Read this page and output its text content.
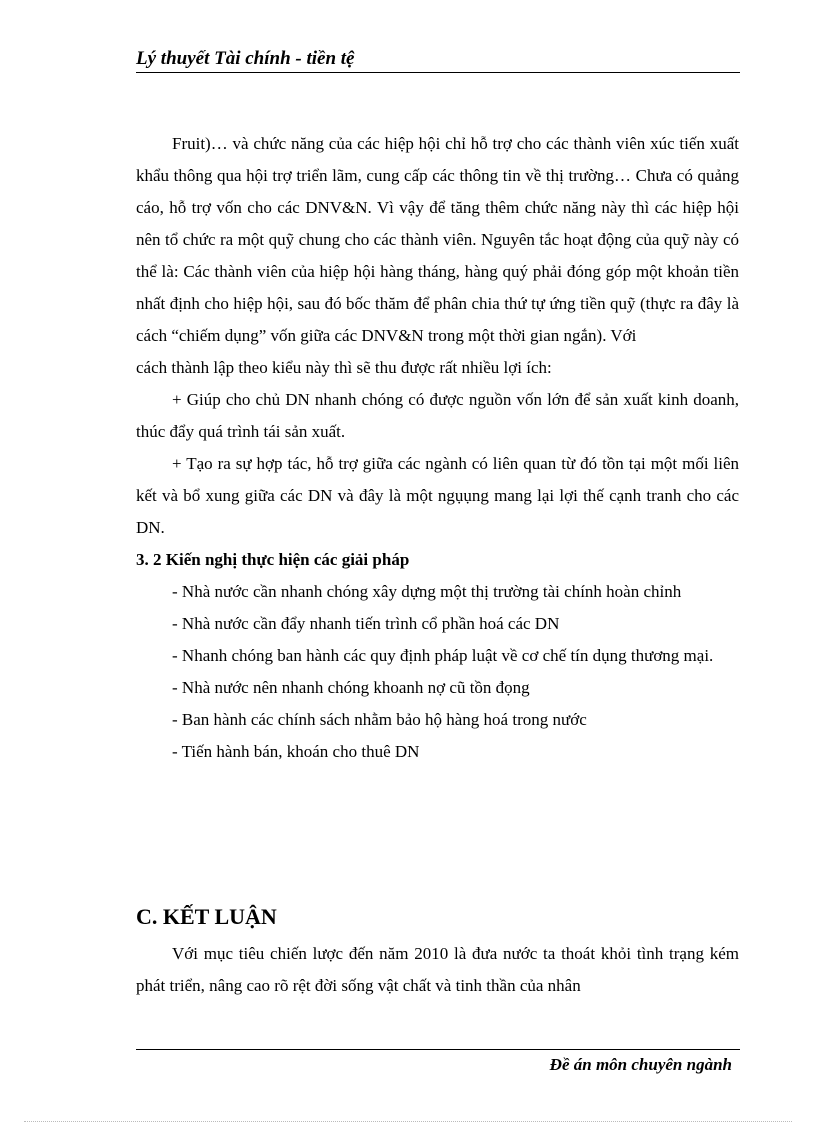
Lý thuyết Tài chính - tiền tệ

Fruit)… và chức năng của các hiệp hội chỉ hỗ trợ cho các thành viên xúc tiến xuất khẩu thông qua hội trợ triển lãm, cung cấp các thông tin về thị trường… Chưa có quảng cáo, hỗ trợ vốn cho các DNV&N. Vì vậy để tăng thêm chức năng này thì các hiệp hội nên tổ chức ra một quỹ chung cho các thành viên. Nguyên tắc hoạt động của quỹ này có thể là: Các thành viên của hiệp hội hàng tháng, hàng quý phải đóng góp một khoản tiền nhất định cho hiệp hội, sau đó bốc thăm để phân chia thứ tự ứng tiền quỹ (thực ra đây là cách “chiếm dụng” vốn giữa các DNV&N trong một thời gian ngắn). Với

cách thành lập theo kiểu này thì sẽ thu được rất nhiều lợi ích:

+ Giúp cho chủ DN nhanh chóng có được nguồn vốn lớn để sản xuất kinh doanh, thúc đẩy quá trình tái sản xuất.

+ Tạo ra sự hợp tác, hỗ trợ giữa các ngành có liên quan từ đó tồn tại một mối liên kết và bổ xung giữa các DN và đây là một ngụụng mang lại lợi thế cạnh tranh cho các DN.

3. 2 Kiến nghị thực hiện các giải pháp

- Nhà nước cần nhanh chóng xây dựng một thị trường tài chính hoàn chỉnh

- Nhà nước cần đẩy nhanh tiến trình cổ phần hoá các DN

- Nhanh chóng ban hành các quy định pháp luật về cơ chế tín dụng thương mại.

- Nhà nước nên nhanh chóng khoanh nợ cũ tồn đọng

- Ban hành các chính sách nhằm bảo hộ hàng hoá trong nước

- Tiến hành bán, khoán cho thuê DN

C. KẾT LUẬN

Với mục tiêu chiến lược đến năm 2010 là đưa nước ta thoát khỏi tình trạng kém phát triển, nâng cao rõ rệt đời sống vật chất và tinh thần của nhân

Đề án môn chuyên ngành
